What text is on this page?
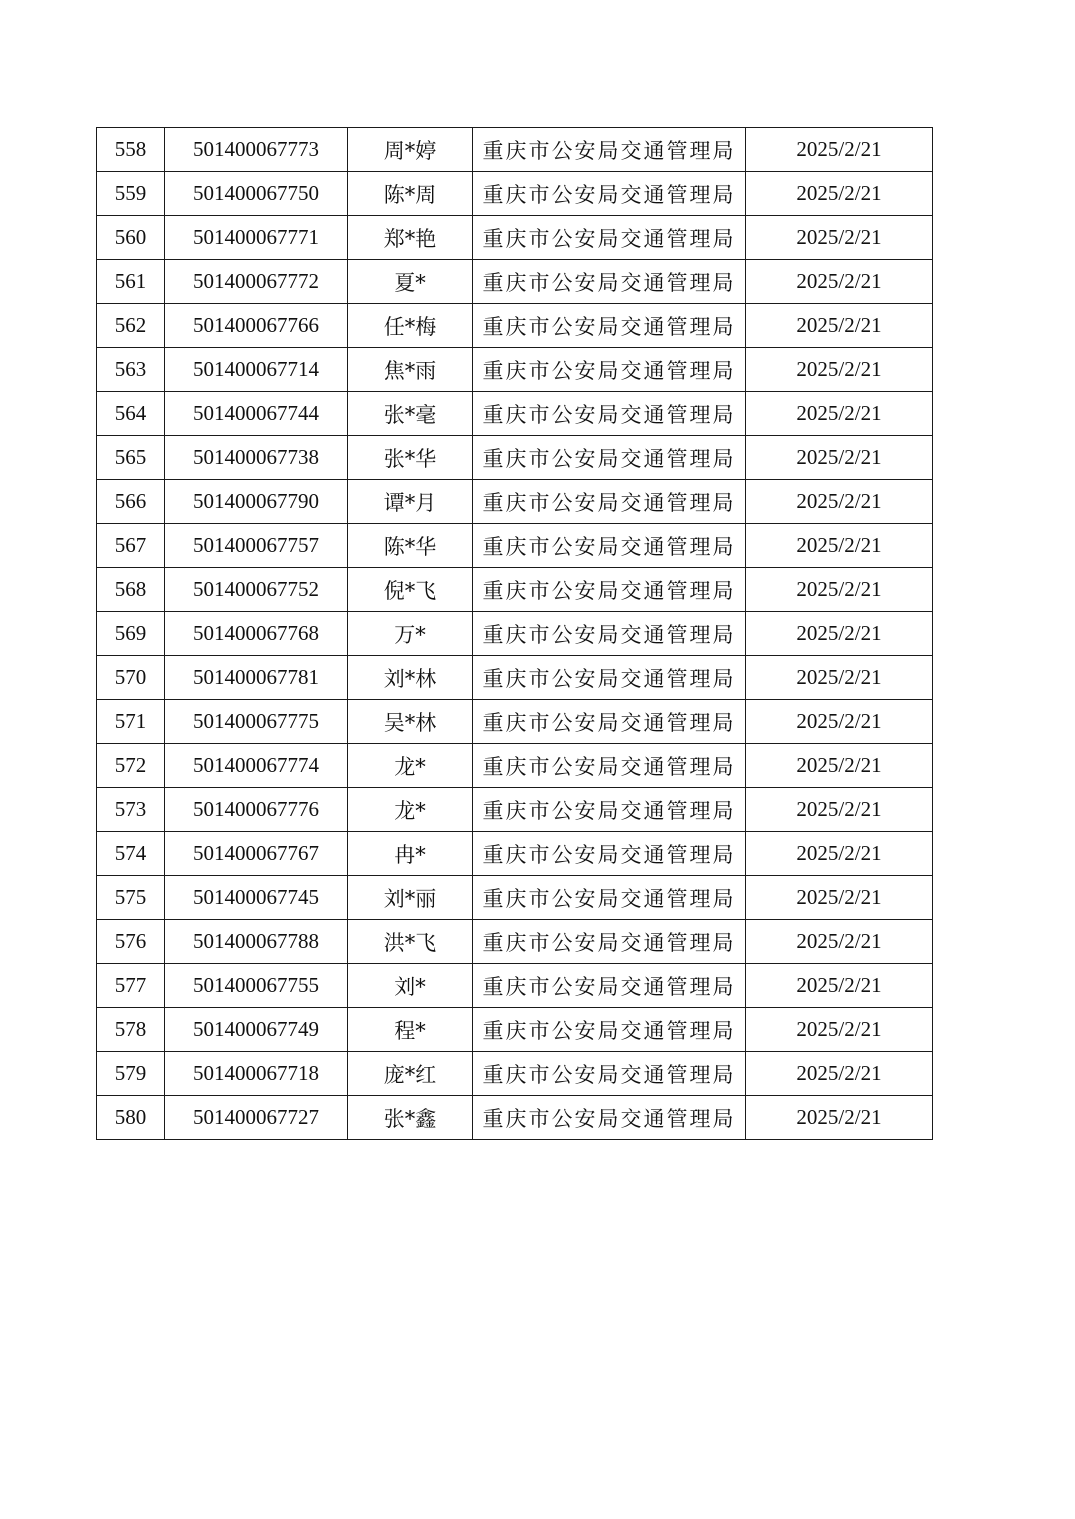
558	501400067773	周*婷	重庆市公安局交通管理局	2025/2/21
559	501400067750	陈*周	重庆市公安局交通管理局	2025/2/21
560	501400067771	郑*艳	重庆市公安局交通管理局	2025/2/21
561	501400067772	夏*	重庆市公安局交通管理局	2025/2/21
562	501400067766	任*梅	重庆市公安局交通管理局	2025/2/21
563	501400067714	焦*雨	重庆市公安局交通管理局	2025/2/21
564	501400067744	张*毫	重庆市公安局交通管理局	2025/2/21
565	501400067738	张*华	重庆市公安局交通管理局	2025/2/21
566	501400067790	谭*月	重庆市公安局交通管理局	2025/2/21
567	501400067757	陈*华	重庆市公安局交通管理局	2025/2/21
568	501400067752	倪*飞	重庆市公安局交通管理局	2025/2/21
569	501400067768	万*	重庆市公安局交通管理局	2025/2/21
570	501400067781	刘*林	重庆市公安局交通管理局	2025/2/21
571	501400067775	吴*林	重庆市公安局交通管理局	2025/2/21
572	501400067774	龙*	重庆市公安局交通管理局	2025/2/21
573	501400067776	龙*	重庆市公安局交通管理局	2025/2/21
574	501400067767	冉*	重庆市公安局交通管理局	2025/2/21
575	501400067745	刘*丽	重庆市公安局交通管理局	2025/2/21
576	501400067788	洪*飞	重庆市公安局交通管理局	2025/2/21
577	501400067755	刘*	重庆市公安局交通管理局	2025/2/21
578	501400067749	程*	重庆市公安局交通管理局	2025/2/21
579	501400067718	庞*红	重庆市公安局交通管理局	2025/2/21
580	501400067727	张*鑫	重庆市公安局交通管理局	2025/2/21
